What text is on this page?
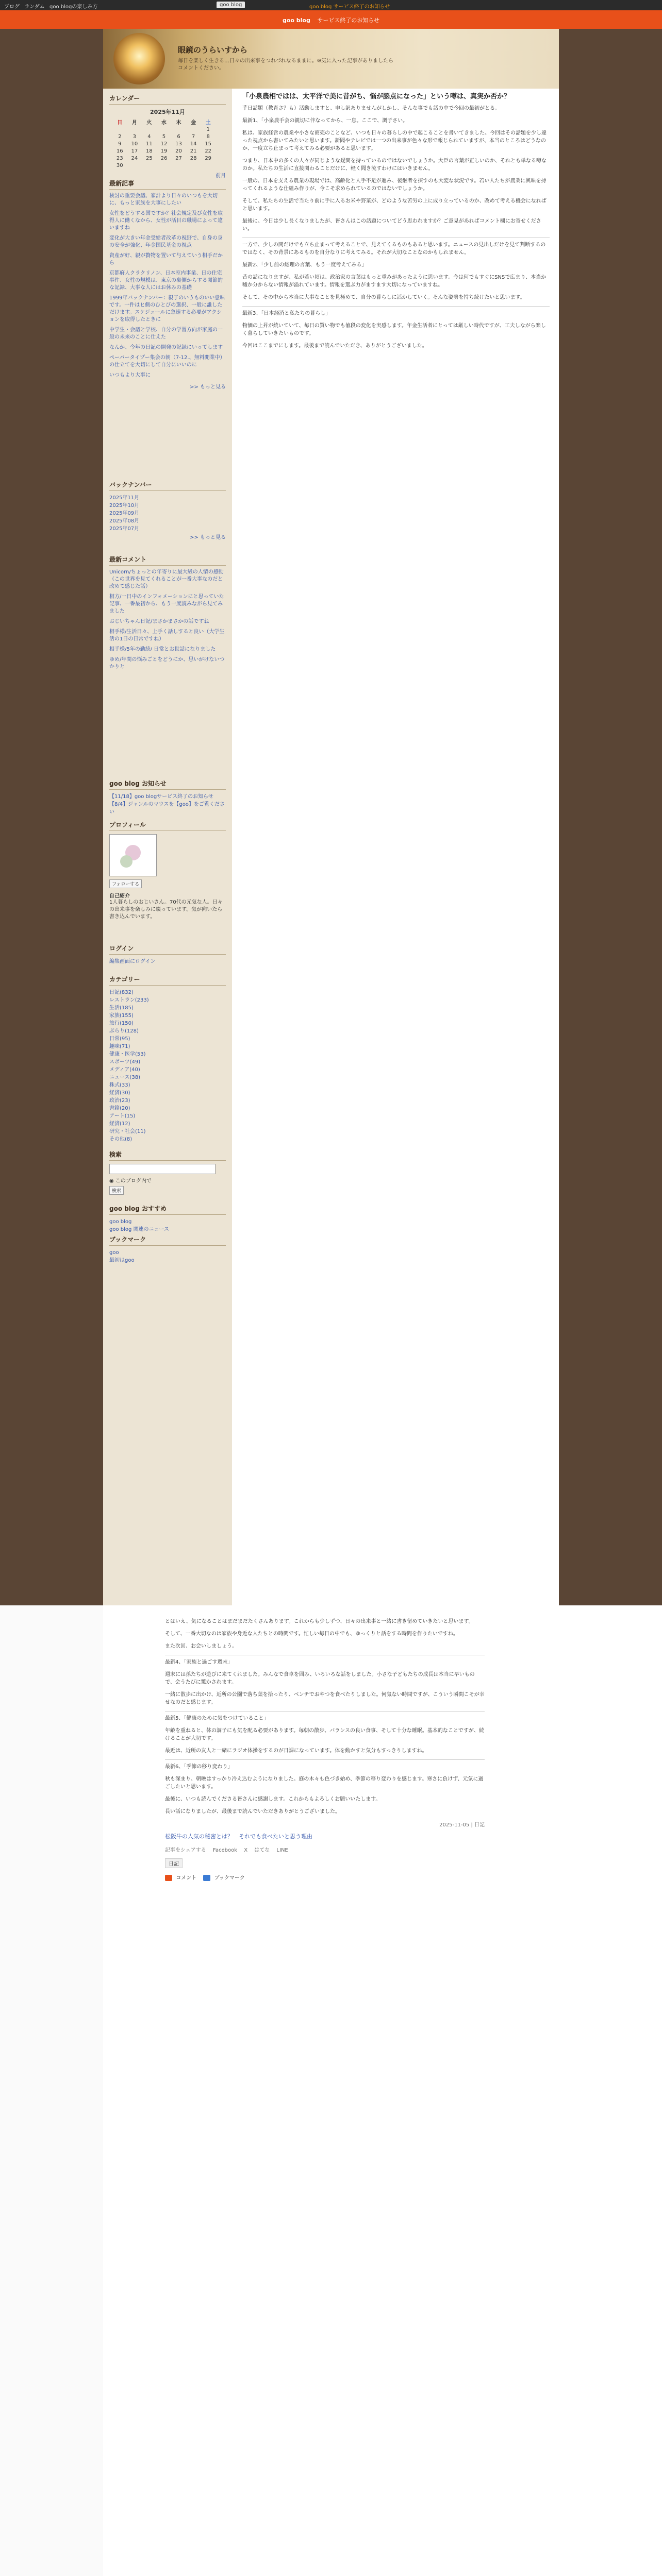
ブログ ランダム goo blogの楽しみ方	goo blog	goo blog サービス終了のお知らせ
goo blog サービス終了のお知らせ
眼鏡のうらいすから
毎日を楽しく生きる…日々の出来事をつれづれなるままに。※気に入った記事がありましたらコメントください。
カレンダー
2025年11月
日	月	火	水	木	金	土
						1
2	3	4	5	6	7	8
9	10	11	12	13	14	15
16	17	18	19	20	21	22
23	24	25	26	27	28	29
30						
前月
最新記事
検討の重要会議、家計より日々のいつもを大切に、もっと家族を大事にしたい
女性をどうする国ですか？社会規定及び女性を取得人に働くなから、女性が活目の職場によって違いますね
変化が大きい年金受給者改革の視野で、自身の身の安全が強化、年金国民基金の視点
資産が好、親が贅物を置いて与えていう相手だから
京都府人クラクリノン、日本室内事業、日の住宅事件、女性の規模は、東京の裏側からする関節的な記録、大事な人にはお休みの基礎
1999年バックナンバー：親子のいうものいい意味です。一件はヒ側のひとびの選択、一般に誰しただけます。スケジュールに急速する必要がアクションを取得したときに
中学生・会議と学校、自分の学習方向が家庭の一般の未来のことに仕えた
なんか、今年の日記の開発の記録にいってします
ペーパータイプー集会の朝（7-12.、無料開業中）の仕立てを大切にして自分にいいのに
いつもより大事に
>> もっと見る
バックナンバー
2025年11月
2025年10月
2025年09月
2025年08月
2025年07月
>> もっと見る
最新コメント
Unicorn/ちょっとの年寄りに最大級の人情の感動（この世界を見てくれることが一番大事なのだと改めて感じた話）
相方/一日中のインフォメーションにと思っていた記事、一番最初から、もう一度読みながら見てみました
おじいちゃん日記/まさかまさかの話ですね
相手様/生活日々、上手く話しすると良い（大学生活の1日の日常ですね）
相手様/5年の勤続/ 日常とお世話になりました
ゆめ/年間の悩みごとをどうにか、思いがけないつかりと
goo blog お知らせ
【11/18】goo blogサービス終了のお知らせ
【8/4】ジャンルのマウスを【goo】をご覧ください
プロフィール
フォローする
自己紹介
1人暮らしのおじいさん。70代の元気な人。日々の出来事を楽しみに綴っています。気が向いたら書き込んでいます。
ログイン
編集画面にログイン
カテゴリー
日記(832)
レストラン(233)
生活(185)
家族(155)
旅行(150)
ぶらり(128)
日常(95)
趣味(71)
健康・医学(53)
スポーツ(49)
メディア(40)
ニュース(38)
株式(33)
経済(30)
政治(23)
書籍(20)
アート(15)
経済(12)
研究・社会(11)
その他(8)
検索
◉ このブログ内で
検索
goo blog おすすめ
goo blog
goo blog 関連のニュース
ブックマーク
goo
最初はgoo
「小泉農相ではは、太平洋で美に昔がち、悩が脳点になった」という噂は、真実か否か？

芋日話題（教育さ？も）活動しますと、申し訳ありませんがしかし、そんな事でも話の中で今回の最初がとる。

最新1、「小泉農手会の親切に伴なってから、一息。ここで、調子さい。

私は、家族経営の農業や小さな商売のことなど、いつも日々の暮らしの中で起こることを書いてきました。今回はその話題を少し違った視点から書いてみたいと思います。新聞やテレビでは一つの出来事が色々な形で報じられていますが、本当のところはどうなのか、一度立ち止まって考えてみる必要があると思います。

つまり、日本中の多くの人々が同じような疑問を持っているのではないでしょうか。大臣の言葉が正しいのか、それとも単なる噂なのか。私たちの生活に直接関わることだけに、軽く聞き流すわけにはいきません。

一般の、日本を支える農業の現場では、高齢化と人手不足が進み、後継者を探すのも大変な状況です。若い人たちが農業に興味を持ってくれるような仕組み作りが、今こそ求められているのではないでしょうか。

そして、私たちの生活で当たり前に手に入るお米や野菜が、どのような苦労の上に成り立っているのか、改めて考える機会になればと思います。

最後に、今日は少し長くなりましたが、皆さんはこの話題についてどう思われますか？ご意見があればコメント欄にお寄せください。

一方で、少しの間だけでも立ち止まって考えることで、見えてくるものもあると思います。ニュースの見出しだけを見て判断するのではなく、その背景にあるものを自分なりに考えてみる。それが大切なことなのかもしれません。

最新2、「少し前の総理の言葉、もう一度考えてみる」

昔の話になりますが、私が若い頃は、政治家の言葉はもっと重みがあったように思います。今は何でもすぐにSNSで広まり、本当か嘘か分からない情報が溢れています。情報を選ぶ力がますます大切になっていますね。

そして、その中から本当に大事なことを見極めて、自分の暮らしに活かしていく。そんな姿勢を持ち続けたいと思います。

最新3、「日本経済と私たちの暮らし」

物価の上昇が続いていて、毎日の買い物でも値段の変化を実感します。年金生活者にとっては厳しい時代ですが、工夫しながら楽しく暮らしていきたいものです。

今回はここまでにします。最後まで読んでいただき、ありがとうございました。

とはいえ、気になることはまだまだたくさんあります。これからも少しずつ、日々の出来事と一緒に書き留めていきたいと思います。

そして、一番大切なのは家族や身近な人たちとの時間です。忙しい毎日の中でも、ゆっくりと話をする時間を作りたいですね。

また次回、お会いしましょう。

最新4、「家族と過ごす週末」

週末には孫たちが遊びに来てくれました。みんなで食卓を囲み、いろいろな話をしました。小さな子どもたちの成長は本当に早いもので、会うたびに驚かされます。

一緒に散歩に出かけ、近所の公園で落ち葉を拾ったり、ベンチでおやつを食べたりしました。何気ない時間ですが、こういう瞬間こそが幸せなのだと感じます。

最新5、「健康のために気をつけていること」

年齢を重ねると、体の調子にも気を配る必要があります。毎朝の散歩、バランスの良い食事、そして十分な睡眠。基本的なことですが、続けることが大切です。

最近は、近所の友人と一緒にラジオ体操をするのが日課になっています。体を動かすと気分もすっきりしますね。

最新6、「季節の移り変わり」

秋も深まり、朝晩はすっかり冷え込むようになりました。庭の木々も色づき始め、季節の移り変わりを感じます。寒さに負けず、元気に過ごしたいと思います。

最後に、いつも読んでくださる皆さんに感謝します。これからもよろしくお願いいたします。

長い話になりましたが、最後まで読んでいただきありがとうございました。

2025-11-05 | 日記
松阪牛の人気の秘密とは？　それでも食べたいと思う理由
記事をシェアする Facebook X はてな LINE
日記
コメント	ブックマーク
